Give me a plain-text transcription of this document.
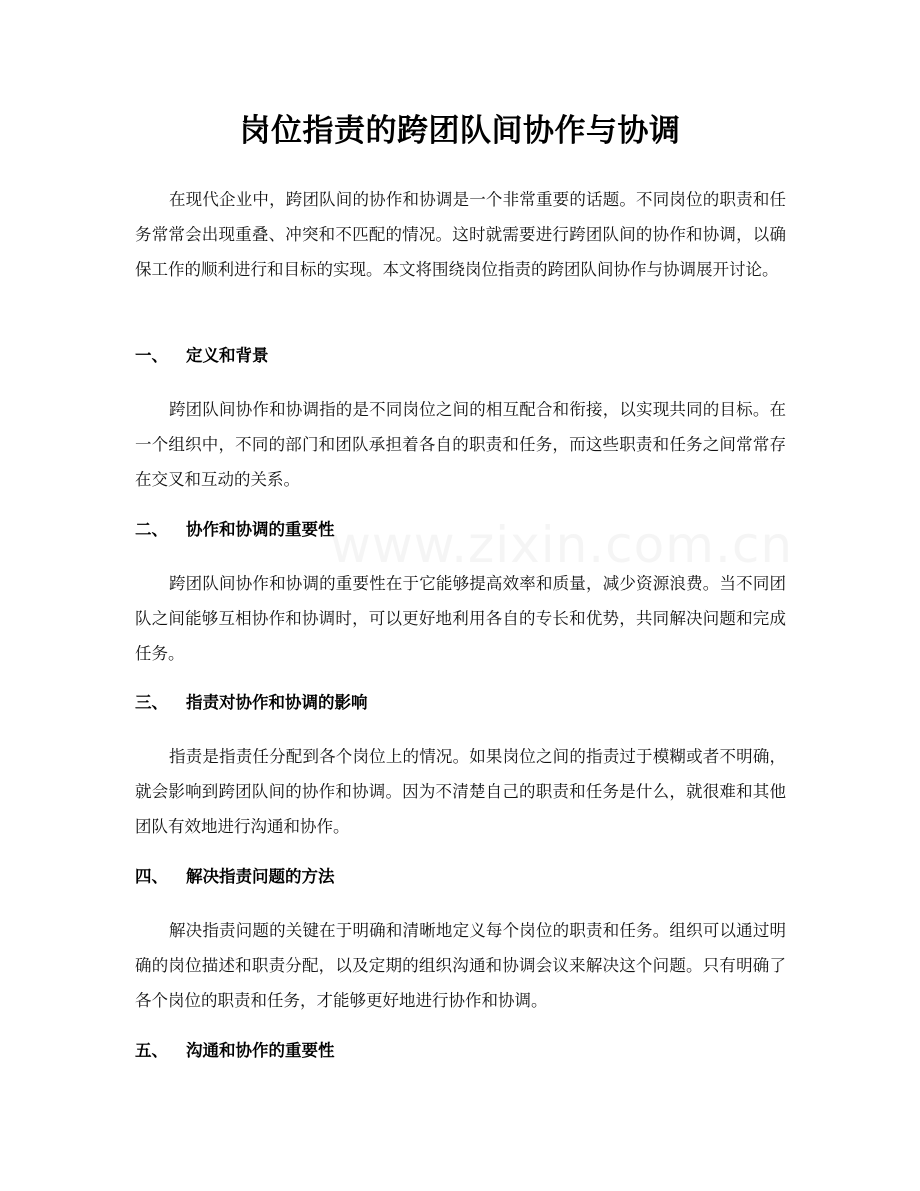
www.zixin.com.cn
岗位指责的跨团队间协作与协调

在现代企业中，跨团队间的协作和协调是一个非常重要的话题。不同岗位的职责和任务常常会出现重叠、冲突和不匹配的情况。这时就需要进行跨团队间的协作和协调，以确保工作的顺利进行和目标的实现。本文将围绕岗位指责的跨团队间协作与协调展开讨论。

一、 定义和背景

跨团队间协作和协调指的是不同岗位之间的相互配合和衔接，以实现共同的目标。在一个组织中，不同的部门和团队承担着各自的职责和任务，而这些职责和任务之间常常存在交叉和互动的关系。

二、 协作和协调的重要性

跨团队间协作和协调的重要性在于它能够提高效率和质量，减少资源浪费。当不同团队之间能够互相协作和协调时，可以更好地利用各自的专长和优势，共同解决问题和完成任务。

三、 指责对协作和协调的影响

指责是指责任分配到各个岗位上的情况。如果岗位之间的指责过于模糊或者不明确，就会影响到跨团队间的协作和协调。因为不清楚自己的职责和任务是什么，就很难和其他团队有效地进行沟通和协作。

四、 解决指责问题的方法

解决指责问题的关键在于明确和清晰地定义每个岗位的职责和任务。组织可以通过明确的岗位描述和职责分配，以及定期的组织沟通和协调会议来解决这个问题。只有明确了各个岗位的职责和任务，才能够更好地进行协作和协调。

五、 沟通和协作的重要性
